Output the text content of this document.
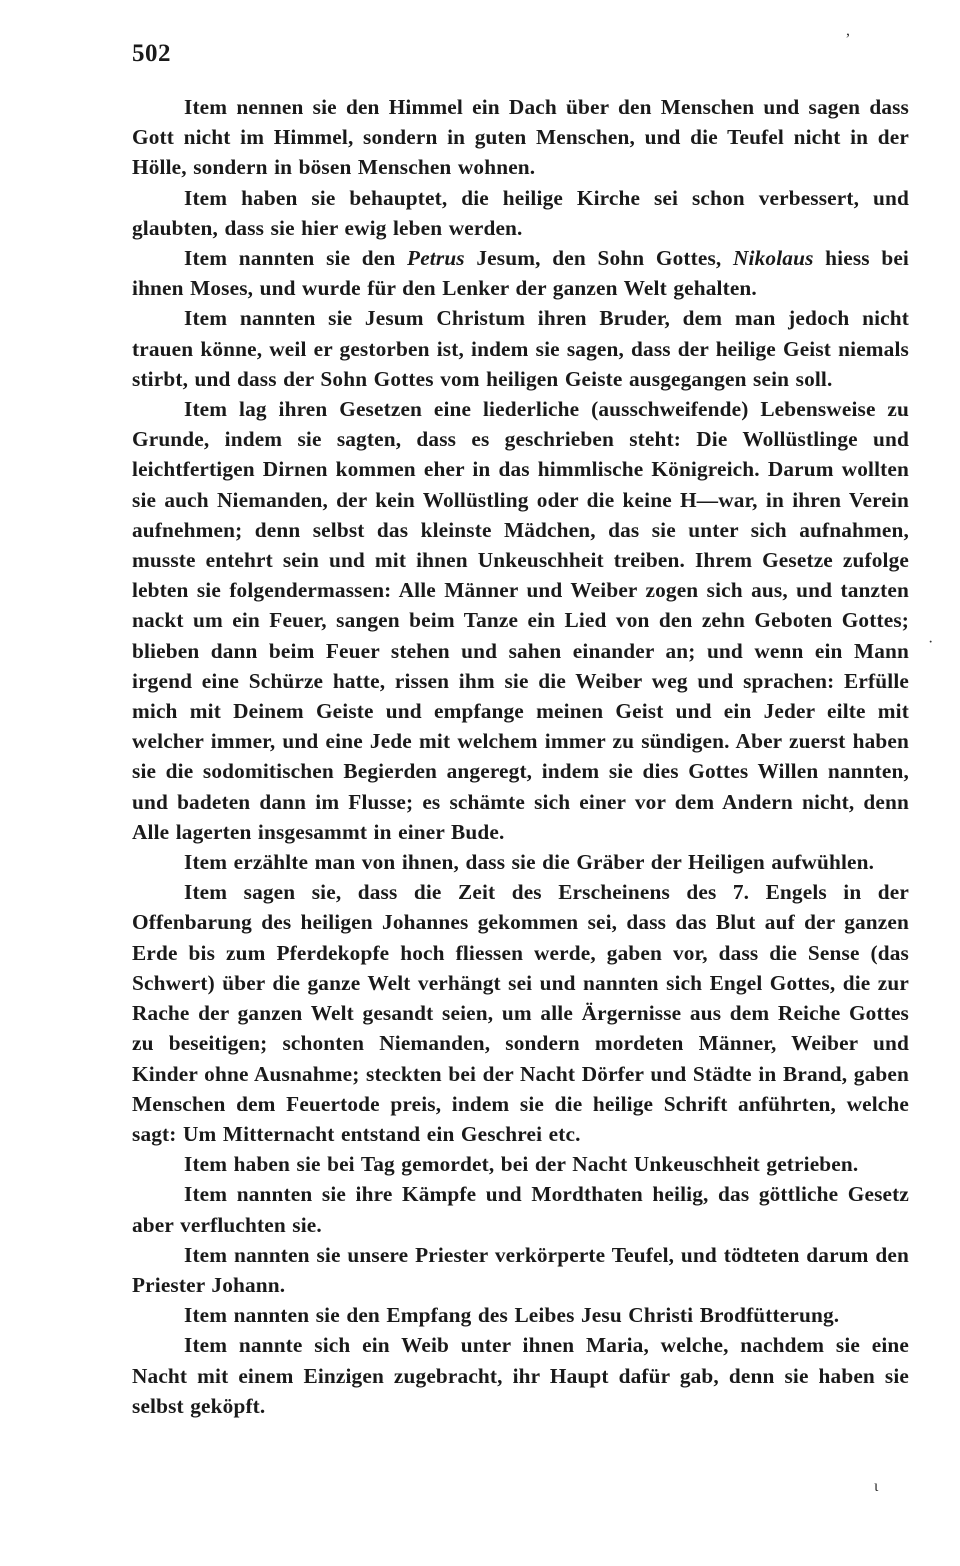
,
502

Item nennen sie den Himmel ein Dach über den Menschen und sagen dass Gott nicht im Himmel, sondern in guten Menschen, und die Teufel nicht in der Hölle, sondern in bösen Menschen wohnen.

Item haben sie behauptet, die heilige Kirche sei schon verbessert, und glaubten, dass sie hier ewig leben werden.

Item nannten sie den Petrus Jesum, den Sohn Gottes, Nikolaus hiess bei ihnen Moses, und wurde für den Lenker der ganzen Welt gehalten.

Item nannten sie Jesum Christum ihren Bruder, dem man jedoch nicht trauen könne, weil er gestorben ist, indem sie sagen, dass der heilige Geist niemals stirbt, und dass der Sohn Gottes vom heiligen Geiste ausgegangen sein soll.

Item lag ihren Gesetzen eine liederliche (ausschweifende) Lebensweise zu Grunde, indem sie sagten, dass es geschrieben steht: Die Wollüstlinge und leichtfertigen Dirnen kommen eher in das himmlische Königreich. Darum wollten sie auch Niemanden, der kein Wollüstling oder die keine H—war, in ihren Verein aufnehmen; denn selbst das kleinste Mädchen, das sie unter sich aufnahmen, musste entehrt sein und mit ihnen Unkeuschheit treiben. Ihrem Gesetze zufolge lebten sie folgendermassen: Alle Männer und Weiber zogen sich aus, und tanzten nackt um ein Feuer, sangen beim Tanze ein Lied von den zehn Geboten Gottes; blieben dann beim Feuer stehen und sahen einander an; und wenn ein Mann irgend eine Schürze hatte, rissen ihm sie die Weiber weg und sprachen: Erfülle mich mit Deinem Geiste und empfange meinen Geist und ein Jeder eilte mit welcher immer, und eine Jede mit welchem immer zu sündigen. Aber zuerst haben sie die sodomitischen Begierden angeregt, indem sie dies Gottes Willen nannten, und badeten dann im Flusse; es schämte sich einer vor dem Andern nicht, denn Alle lagerten insgesammt in einer Bude.

Item erzählte man von ihnen, dass sie die Gräber der Heiligen aufwühlen.

Item sagen sie, dass die Zeit des Erscheinens des 7. Engels in der Offenbarung des heiligen Johannes gekommen sei, dass das Blut auf der ganzen Erde bis zum Pferdekopfe hoch fliessen werde, gaben vor, dass die Sense (das Schwert) über die ganze Welt verhängt sei und nannten sich Engel Gottes, die zur Rache der ganzen Welt gesandt seien, um alle Ärgernisse aus dem Reiche Gottes zu beseitigen; schonten Niemanden, sondern mordeten Männer, Weiber und Kinder ohne Ausnahme; steckten bei der Nacht Dörfer und Städte in Brand, gaben Menschen dem Feuertode preis, indem sie die heilige Schrift anführten, welche sagt: Um Mitternacht entstand ein Geschrei etc.

Item haben sie bei Tag gemordet, bei der Nacht Unkeuschheit getrieben.

Item nannten sie ihre Kämpfe und Mordthaten heilig, das göttliche Gesetz aber verfluchten sie.

Item nannten sie unsere Priester verkörperte Teufel, und tödteten darum den Priester Johann.

Item nannten sie den Empfang des Leibes Jesu Christi Brodfütterung.

Item nannte sich ein Weib unter ihnen Maria, welche, nachdem sie eine Nacht mit einem Einzigen zugebracht, ihr Haupt dafür gab, denn sie haben sie selbst geköpft.

·
ɩ
